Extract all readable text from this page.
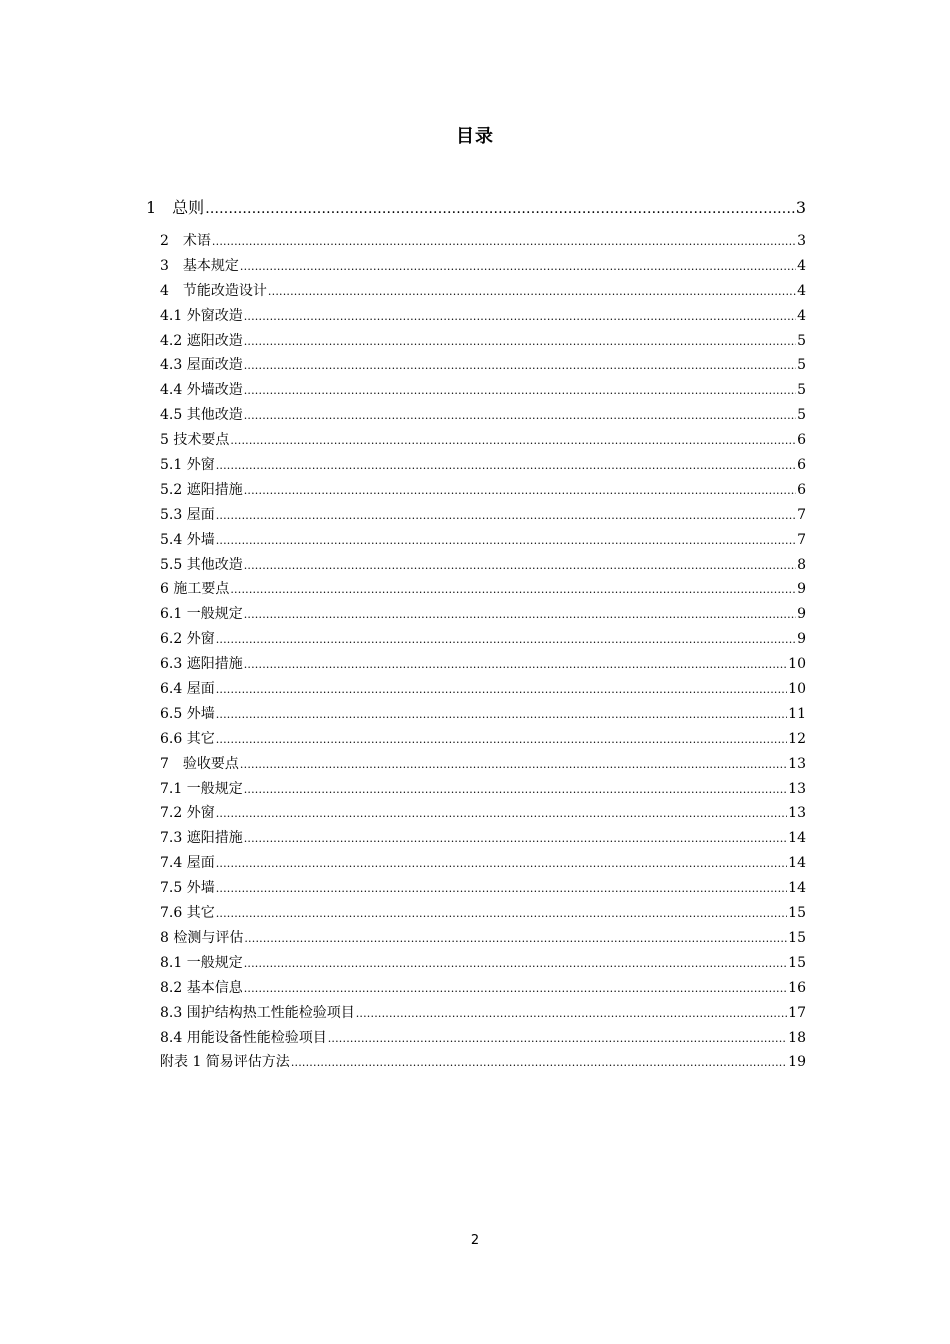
目录
1　总则 .....	3
2　术语 .....	3
3　基本规定 .....	4
4　节能改造设计 .....	4
4.1 外窗改造 .....	4
4.2 遮阳改造 .....	5
4.3 屋面改造 .....	5
4.4 外墙改造 .....	5
4.5 其他改造 .....	5
5 技术要点 .....	6
5.1 外窗 .....	6
5.2 遮阳措施 .....	6
5.3 屋面 .....	7
5.4 外墙 .....	7
5.5 其他改造 .....	8
6 施工要点 .....	9
6.1 一般规定 .....	9
6.2 外窗 .....	9
6.3 遮阳措施 .....	10
6.4 屋面 .....	10
6.5 外墙 .....	11
6.6 其它 .....	12
7　验收要点 .....	13
7.1 一般规定 .....	13
7.2 外窗 .....	13
7.3 遮阳措施 .....	14
7.4 屋面 .....	14
7.5 外墙 .....	14
7.6 其它 .....	15
8 检测与评估 .....	15
8.1 一般规定 .....	15
8.2 基本信息 .....	16
8.3 围护结构热工性能检验项目 .....	17
8.4 用能设备性能检验项目 .....	18
附表 1 简易评估方法 .....	19
2
